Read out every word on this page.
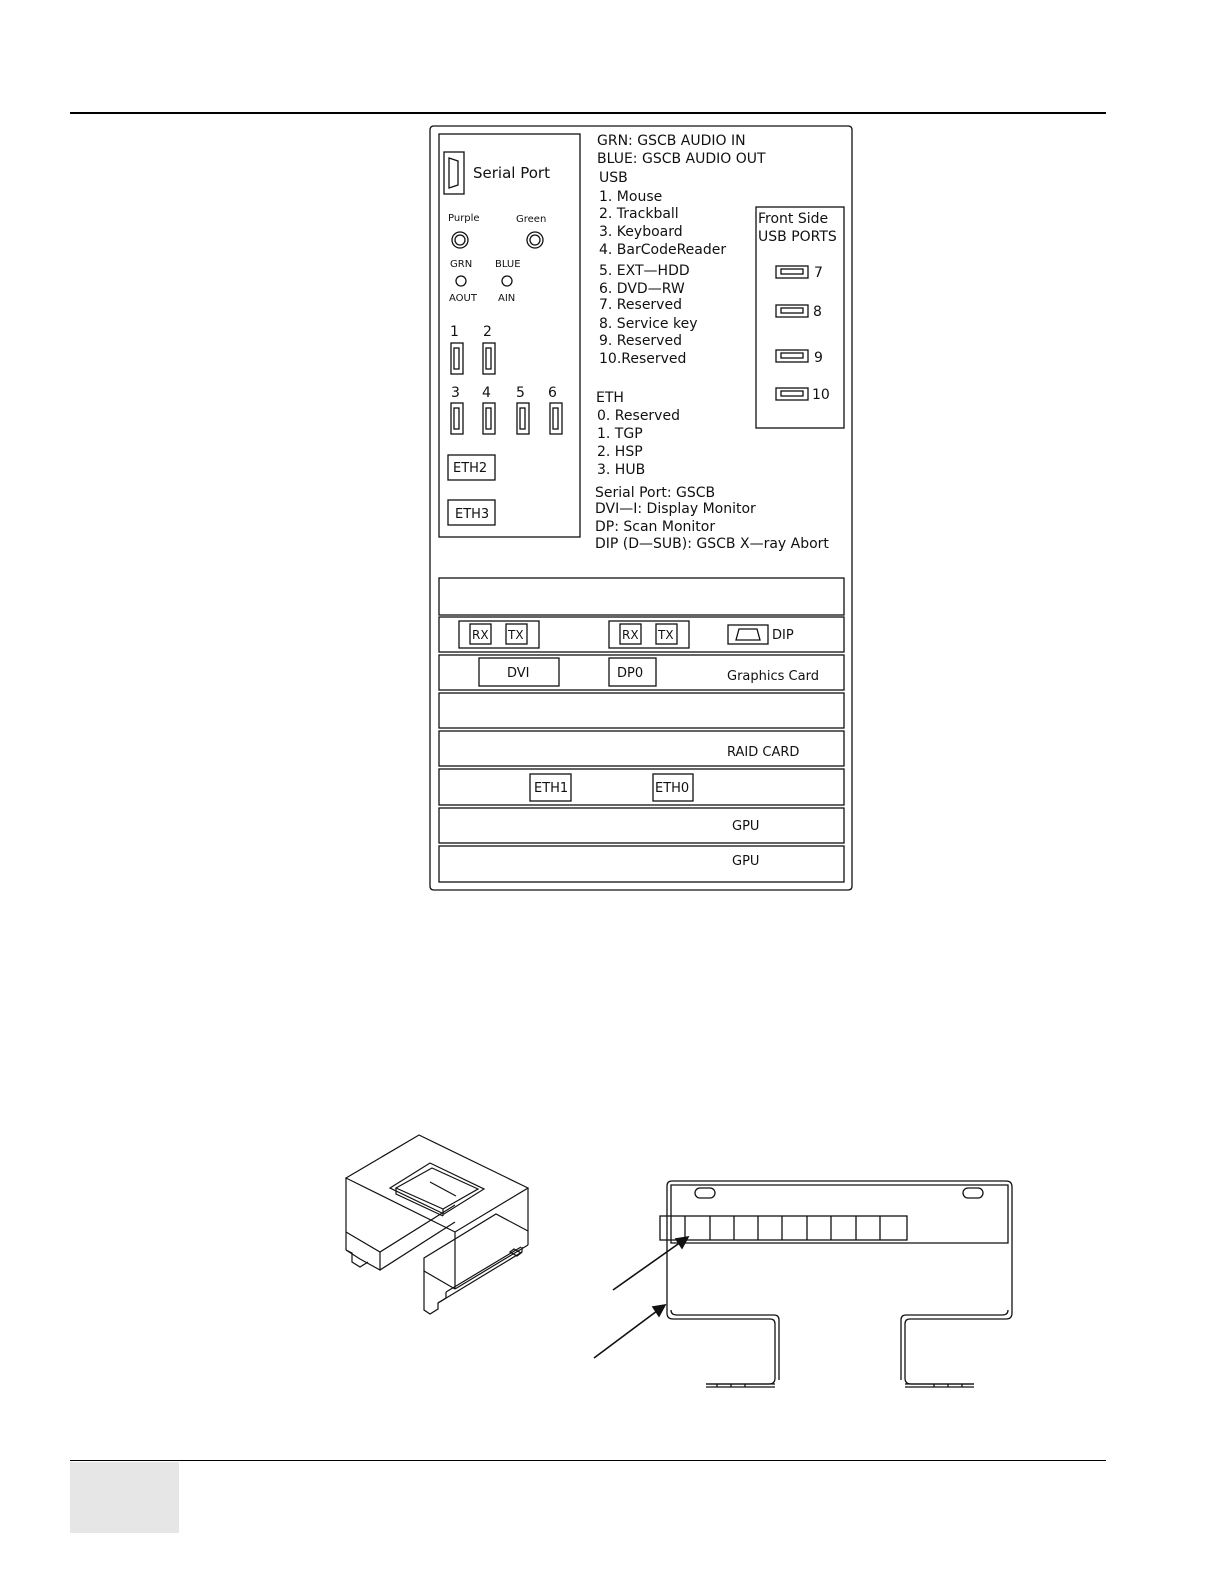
Serial Port
Purple	Green
GRN BLUE
AOUT AIN
1 2
3 4 5 6
ETH2
ETH3
GRN: GSCB AUDIO IN
BLUE: GSCB AUDIO OUT
USB
1. Mouse
2. Trackball
3. Keyboard
4. BarCodeReader
5. EXT—HDD
6. DVD—RW
7. Reserved
8. Service key
9. Reserved
10.Reserved
ETH
0. Reserved
1. TGP
2. HSP
3. HUB
Serial Port: GSCB
DVI—I: Display Monitor
DP: Scan Monitor
DIP (D—SUB): GSCB X—ray Abort
Front Side
USB PORTS
7
8
9
10
RX TX	RX TX	DIP
DVI	DP0	Graphics Card
RAID CARD
ETH1	ETH0
GPU
GPU
